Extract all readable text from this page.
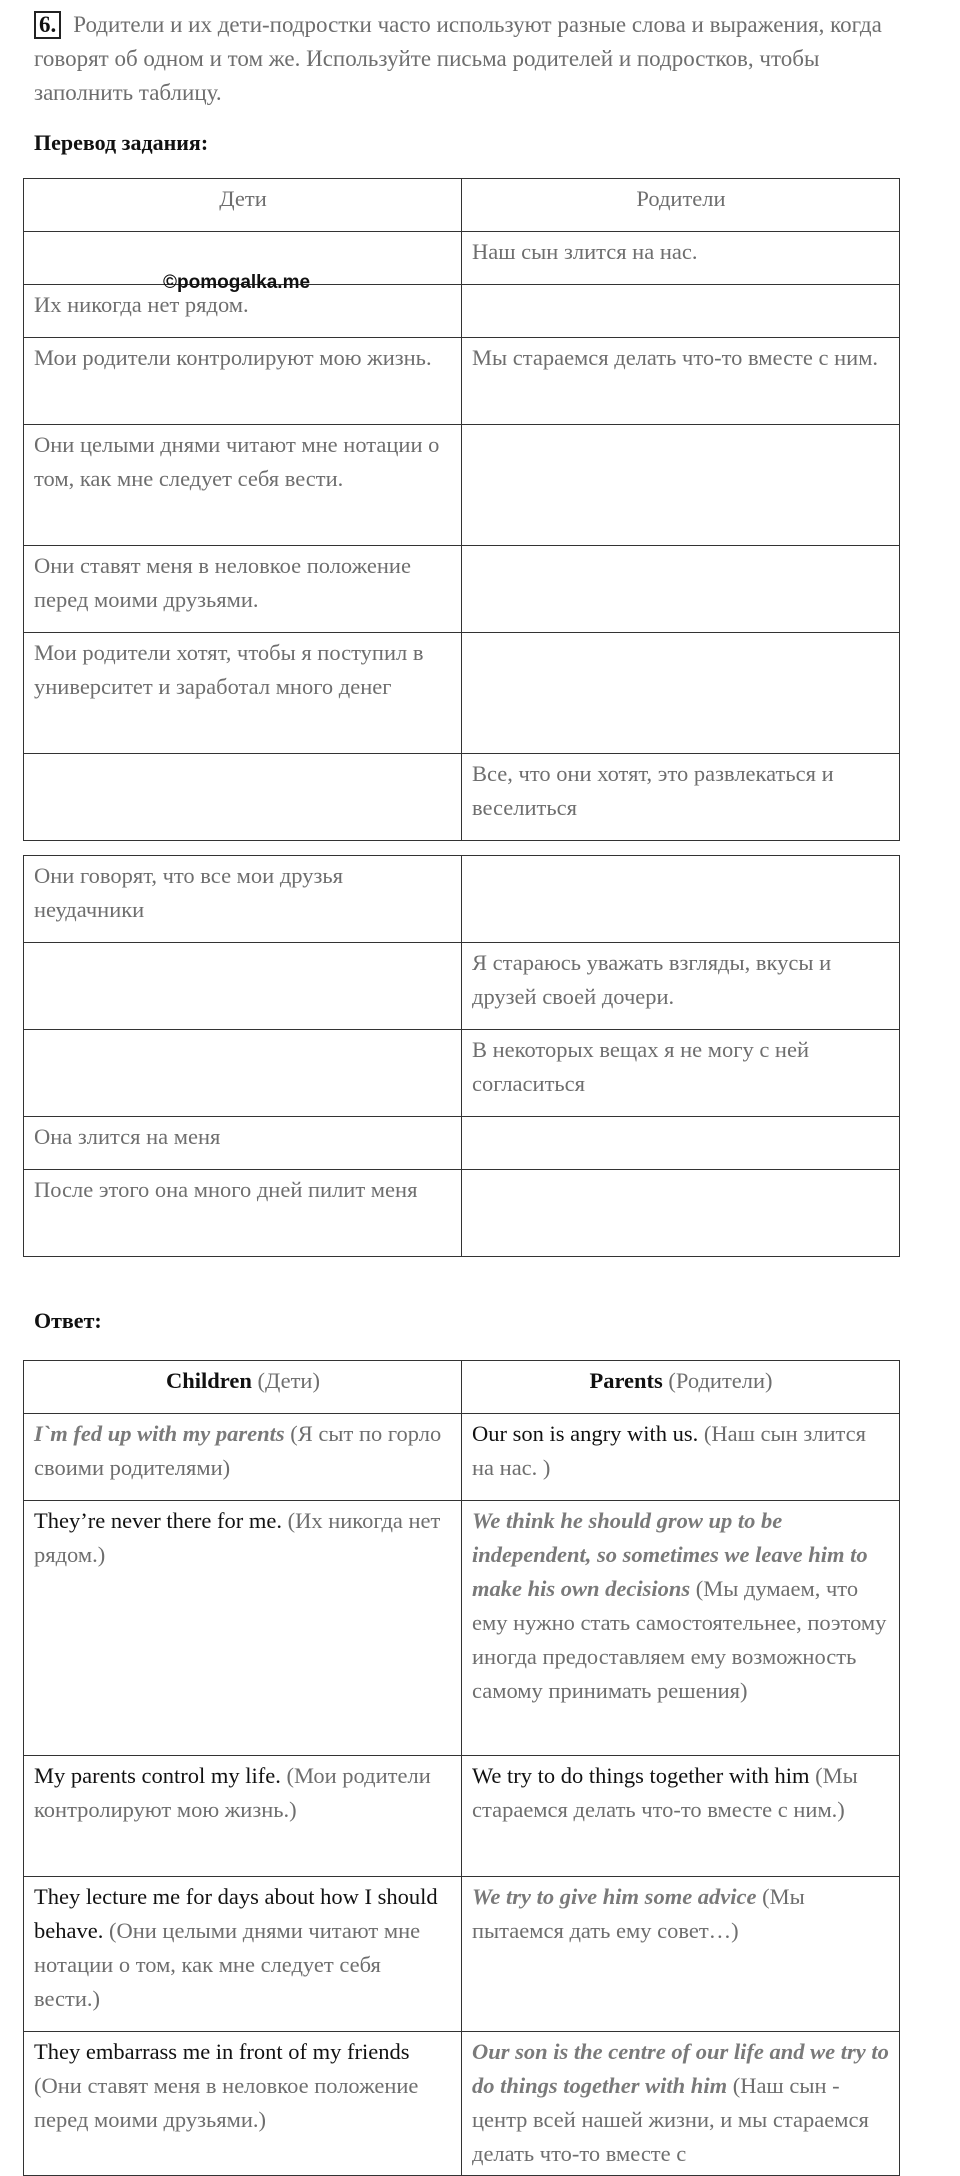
6. Родители и их дети-подростки часто используют разные слова и выражения, когда говорят об одном и том же. Используйте письма родителей и подростков, чтобы заполнить таблицу.
Перевод задания:
Дети	Родители
	Наш сын злится на нас.
Их никогда нет рядом.	
Мои родители контролируют мою жизнь.	Мы стараемся делать что-то вместе с ним.
Они целыми днями читают мне нотации о том, как мне следует себя вести.	
Они ставят меня в неловкое положение перед моими друзьями.	
Мои родители хотят, чтобы я поступил в университет и заработал много денег	
	Все, что они хотят, это развлекаться и веселиться
©pomogalka.me
Они говорят, что все мои друзья неудачники	
	Я стараюсь уважать взгляды, вкусы и друзей своей дочери.
	В некоторых вещах я не могу с ней согласиться
Она злится на меня	
После этого она много дней пилит меня	
Ответ:
Children (Дети)	Parents (Родители)
I`m fed up with my parents (Я сыт по горло своими родителями)	Our son is angry with us. (Наш сын злится на нас. )
They’re never there for me. (Их никогда нет рядом.)	We think he should grow up to be independent, so sometimes we leave him to make his own decisions (Мы думаем, что ему нужно стать самостоятельнее, поэтому иногда предоставляем ему возможность самому принимать решения)
My parents control my life. (Мои родители контролируют мою жизнь.)	We try to do things together with him (Мы стараемся делать что-то вместе с ним.)
They lecture me for days about how I should behave. (Они целыми днями читают мне нотации о том, как мне следует себя вести.)	We try to give him some advice (Мы пытаемся дать ему совет…)
They embarrass me in front of my friends (Они ставят меня в неловкое положение перед моими друзьями.)	Our son is the centre of our life and we try to do things together with him (Наш сын - центр всей нашей жизни, и мы стараемся делать что-то вместе с
